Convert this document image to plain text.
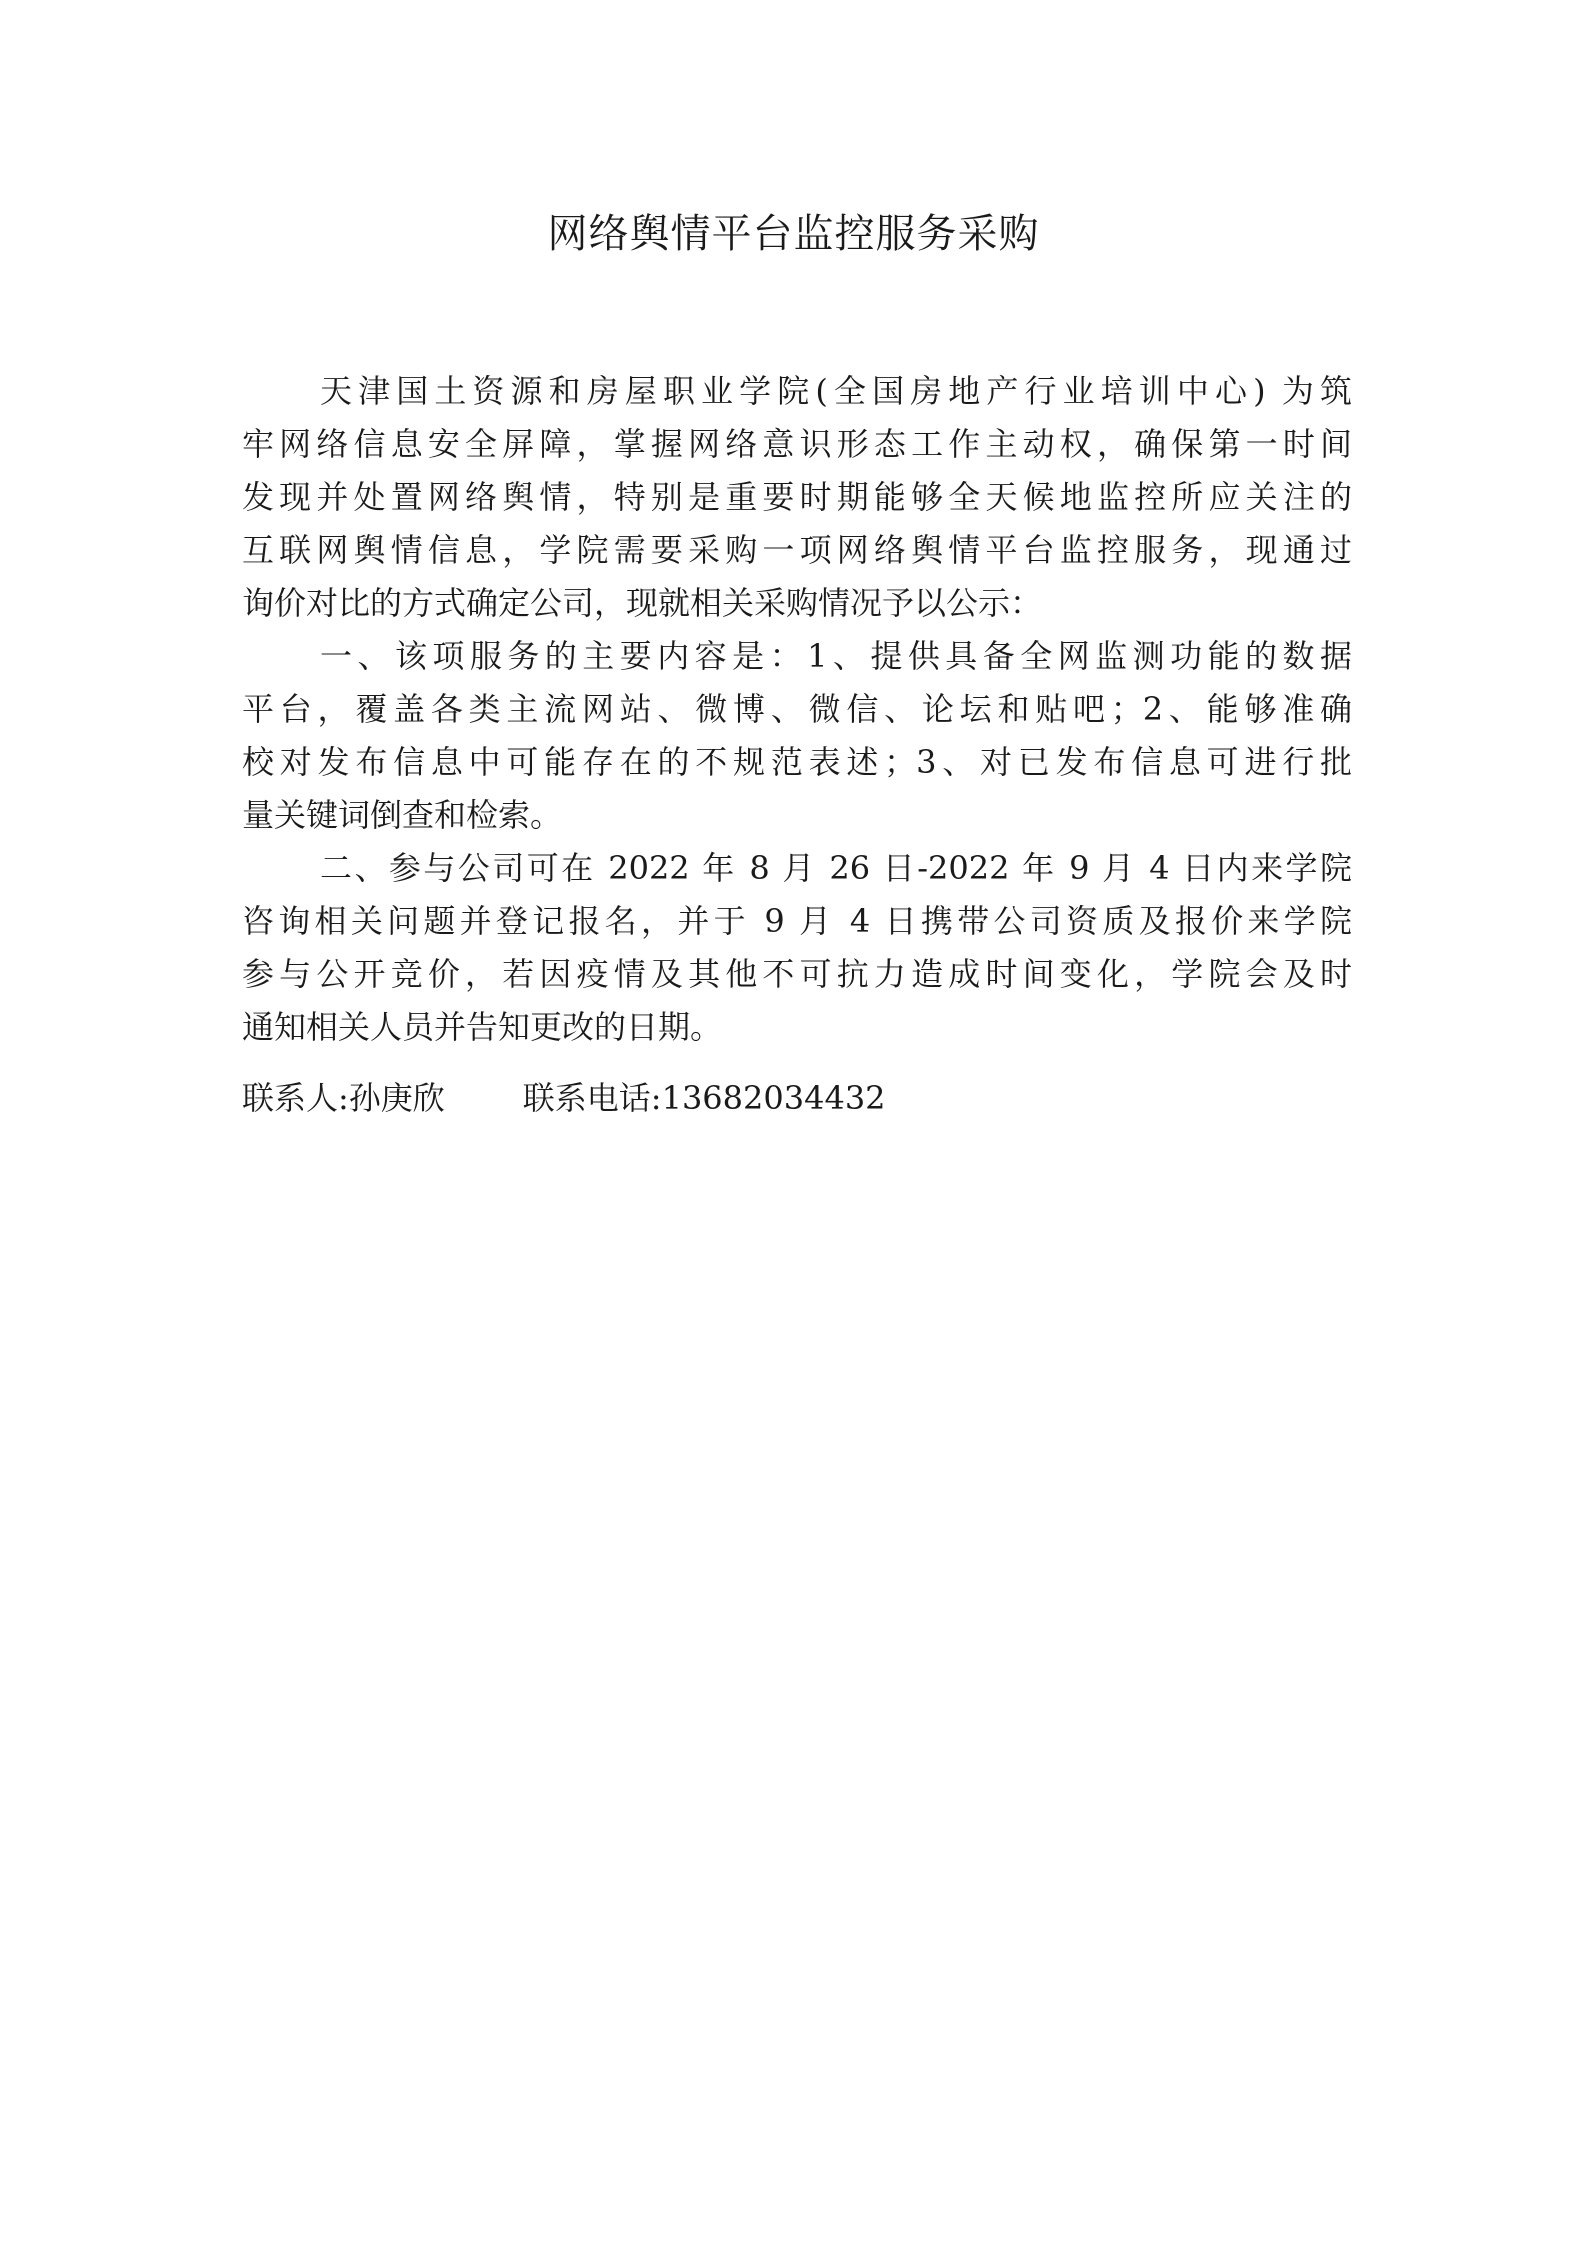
网络舆情平台监控服务采购
天津国土资源和房屋职业学院(全国房地产行业培训中心) 为筑
牢网络信息安全屏障，掌握网络意识形态工作主动权，确保第一时间
发现并处置网络舆情，特别是重要时期能够全天候地监控所应关注的
互联网舆情信息，学院需要采购一项网络舆情平台监控服务，现通过
询价对比的方式确定公司，现就相关采购情况予以公示：
一、该项服务的主要内容是：1、提供具备全网监测功能的数据
平台，覆盖各类主流网站、微博、微信、论坛和贴吧；2、能够准确
校对发布信息中可能存在的不规范表述；3、对已发布信息可进行批
量关键词倒查和检索。
二、参与公司可在 2022 年 8 月 26 日-2022 年 9 月 4 日内来学院
咨询相关问题并登记报名，并于 9 月 4 日携带公司资质及报价来学院
参与公开竞价，若因疫情及其他不可抗力造成时间变化，学院会及时
通知相关人员并告知更改的日期。
联系人:孙庚欣 联系电话:13682034432
